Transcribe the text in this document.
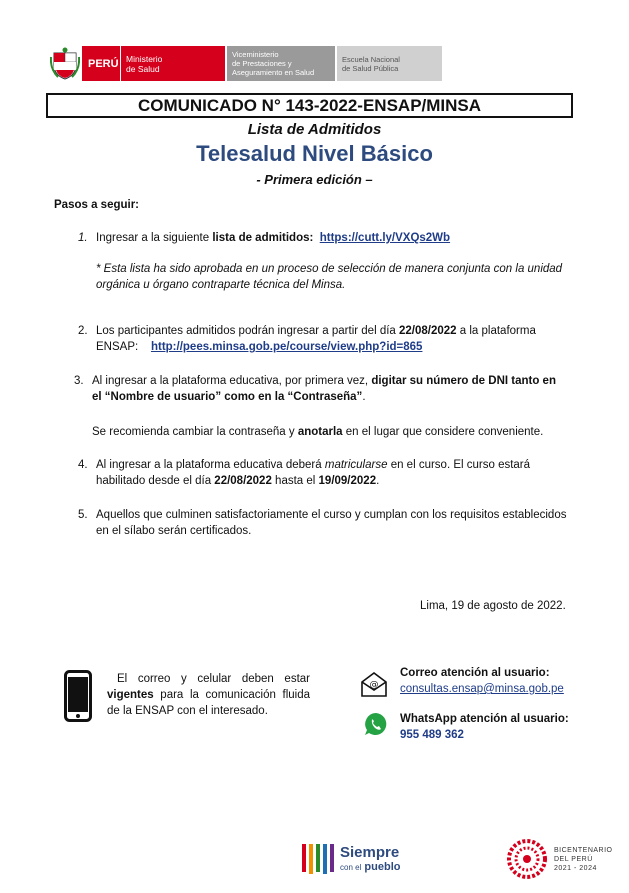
PERÚ Ministerio
de Salud
Viceministerio
de Prestaciones y
Aseguramiento en Salud
Escuela Nacional
de Salud Pública
COMUNICADO N° 143-2022-ENSAP/MINSA
Lista de Admitidos
Telesalud Nivel Básico
- Primera edición –
Pasos a seguir:
1. Ingresar a la siguiente lista de admitidos: https://cutt.ly/VXQs2Wb
* Esta lista ha sido aprobada en un proceso de selección de manera conjunta con la unidad
orgánica u órgano contraparte técnica del Minsa.
2. Los participantes admitidos podrán ingresar a partir del día 22/08/2022 a la plataforma
ENSAP: http://pees.minsa.gob.pe/course/view.php?id=865
3. Al ingresar a la plataforma educativa, por primera vez, digitar su número de DNI tanto en
el “Nombre de usuario” como en la “Contraseña”.
Se recomienda cambiar la contraseña y anotarla en el lugar que considere conveniente.
4. Al ingresar a la plataforma educativa deberá matricularse en el curso. El curso estará
habilitado desde el día 22/08/2022 hasta el 19/09/2022.
5. Aquellos que culminen satisfactoriamente el curso y cumplan con los requisitos establecidos
en el sílabo serán certificados.
Lima, 19 de agosto de 2022.
El correo y celular deben estar
vigentes para la comunicación fluida
de la ENSAP con el interesado.
@
Correo atención al usuario:
consultas.ensap@minsa.gob.pe
WhatsApp atención al usuario:
955 489 362
Siempre
con el pueblo
BICENTENARIO
DEL PERÚ
2021 - 2024
